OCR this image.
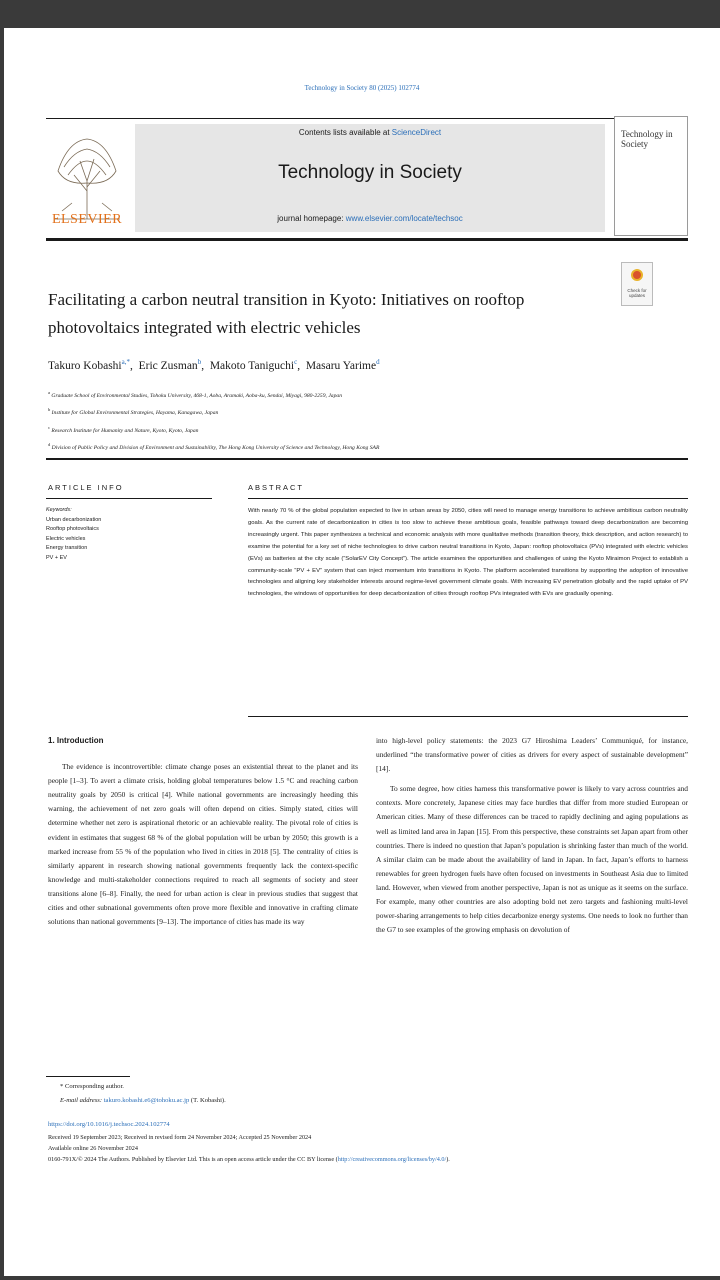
Technology in Society 80 (2025) 102774
ELSEVIER
Contents lists available at ScienceDirect
Technology in Society
journal homepage: www.elsevier.com/locate/techsoc
Technology in Society
Check for updates
Facilitating a carbon neutral transition in Kyoto: Initiatives on rooftop photovoltaics integrated with electric vehicles
Takuro Kobashi$^{a,*}$,  Eric Zusman$^b$,  Makoto Taniguchi$^c$,  Masaru Yarime$^d$
$^a$ Graduate School of Environmental Studies, Tohoku University, 468-1, Aoba, Aramaki, Aoba-ku, Sendai, Miyagi, 980-2259, Japan
$^b$ Institute for Global Environmental Strategies, Hayama, Kanagawa, Japan
$^c$ Research Institute for Humanity and Nature, Kyoto, Kyoto, Japan
$^d$ Division of Public Policy and Division of Environment and Sustainability, The Hong Kong University of Science and Technology, Hong Kong SAR
ARTICLE INFO	ABSTRACT
Keywords:
Urban decarbonization
Rooftop photovoltaics
Electric vehicles
Energy transition
PV + EV
With nearly 70 % of the global population expected to live in urban areas by 2050, cities will need to manage energy transitions to achieve ambitious carbon neutrality goals. As the current rate of decarbonization in cities is too slow to achieve these ambitious goals, feasible pathways toward deep decarbonization are becoming increasingly urgent. This paper synthesizes a technical and economic analysis with more qualitative methods (transition theory, thick description, and action research) to examine the potential for a key set of niche technologies to drive carbon neutral transitions in Kyoto, Japan: rooftop photovoltaics (PVs) integrated with electric vehicles (EVs) as batteries at the city scale (“SolarEV City Concept”). The article examines the opportunities and challenges of using the Kyoto Miraimon Project to establish a community-scale “PV + EV” system that can inject momentum into transitions in Kyoto. The platform accelerated transitions by supporting the adoption of innovative technologies and aligning key stakeholder interests around regime-level government climate goals. With increasing EV penetration globally and the rapid uptake of PV technologies, the windows of opportunities for deep decarbonization of cities through rooftop PVs integrated with EVs are gradually opening.

1. Introduction

The evidence is incontrovertible: climate change poses an existential threat to the planet and its people [1–3]. To avert a climate crisis, holding global temperatures below 1.5 °C and reaching carbon neutrality goals by 2050 is critical [4]. While national governments are increasingly heeding this warning, the achievement of net zero goals will often depend on cities. Simply stated, cities will determine whether net zero is aspirational rhetoric or an achievable reality. The pivotal role of cities is evident in estimates that suggest 68 % of the global population will be urban by 2050; this growth is a marked increase from 55 % of the population who lived in cities in 2018 [5]. The centrality of cities is similarly apparent in research showing national governments frequently lack the context-specific knowledge and multi-stakeholder connections required to reach all segments of society and steer transitions alone [6–8]. Finally, the need for urban action is clear in previous studies that suggest that cities and other subnational governments often prove more flexible and innovative in crafting climate solutions than national governments [9–13]. The importance of cities has made its way

into high-level policy statements: the 2023 G7 Hiroshima Leaders’ Communiqué, for instance, underlined “the transformative power of cities as drivers for every aspect of sustainable development” [14].

To some degree, how cities harness this transformative power is likely to vary across countries and contexts. More concretely, Japanese cities may face hurdles that differ from more studied European or American cities. Many of these differences can be traced to rapidly declining and aging populations as well as limited land area in Japan [15]. From this perspective, these constraints set Japan apart from other countries. There is indeed no question that Japan’s population is shrinking faster than much of the world. A similar claim can be made about the availability of land in Japan. In fact, Japan’s efforts to harness renewables for green hydrogen fuels have often focused on investments in Southeast Asia due to limited land. However, when viewed from another perspective, Japan is not as unique as it seems on the surface. For example, many other countries are also adopting bold net zero targets and fashioning multi-level power-sharing arrangements to help cities decarbonize energy systems. One needs to look no further than the G7 to see examples of the growing emphasis on devolution of

* Corresponding author.
E-mail address: takuro.kobashi.e6@tohoku.ac.jp (T. Kobashi).
https://doi.org/10.1016/j.techsoc.2024.102774
Received 19 September 2023; Received in revised form 24 November 2024; Accepted 25 November 2024
Available online 26 November 2024
0160-791X/© 2024 The Authors. Published by Elsevier Ltd. This is an open access article under the CC BY license (http://creativecommons.org/licenses/by/4.0/).
